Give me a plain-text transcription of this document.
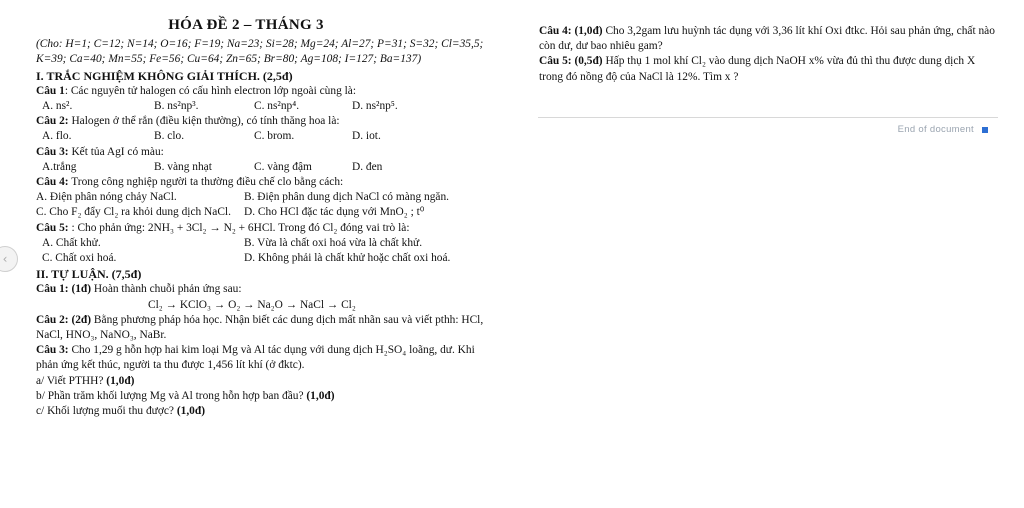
HÓA ĐỀ 2 – THÁNG 3
(Cho: H=1; C=12; N=14; O=16; F=19; Na=23; Si=28; Mg=24; Al=27; P=31; S=32; Cl=35,5; K=39; Ca=40; Mn=55; Fe=56; Cu=64; Zn=65; Br=80; Ag=108; I=127; Ba=137)
I. TRẮC NGHIỆM KHÔNG GIẢI THÍCH. (2,5đ)
Câu 1: Các nguyên tử halogen có cấu hình electron lớp ngoài cùng là:
A. ns².	B. ns²np³.	C. ns²np⁴.	D. ns²np⁵.
Câu 2: Halogen ở thể rắn (điều kiện thường), có tính thăng hoa là:
A. flo.	B. clo.	C. brom.	D. iot.
Câu 3: Kết tủa AgI có màu:
A.trắng	B. vàng nhạt	C. vàng đậm	D. đen
Câu 4: Trong công nghiệp người ta thường điều chế clo bằng cách:
A. Điện phân nóng chảy NaCl.	B. Điện phân dung dịch NaCl có màng ngăn.
C. Cho F₂ đẩy Cl₂ ra khỏi dung dịch NaCl.	D. Cho HCl đặc tác dụng với MnO₂ ; t⁰
Câu 5: : Cho phản ứng: 2NH₃ + 3Cl₂ → N₂ + 6HCl. Trong đó Cl₂ đóng vai trò là:
A. Chất khử.	B. Vừa là chất oxi hoá vừa là chất khử.
C. Chất oxi hoá.	D. Không phải là chất khử hoặc chất oxi hoá.
II. TỰ LUẬN. (7,5đ)
Câu 1: (1đ) Hoàn thành chuỗi phản ứng sau:
Cl₂ → KClO₃ → O₂ → Na₂O → NaCl → Cl₂
Câu 2: (2đ) Bằng phương pháp hóa học. Nhận biết các dung dịch mất nhãn sau và viết pthh: HCl, NaCl, HNO₃, NaNO₃, NaBr.
Câu 3: Cho 1,29 g hỗn hợp hai kim loại Mg và Al tác dụng với dung dịch H₂SO₄ loãng, dư. Khi phản ứng kết thúc, người ta thu được 1,456 lít khí (ở đktc).
a/ Viết PTHH? (1,0đ)
b/ Phần trăm khối lượng Mg và Al trong hỗn hợp ban đầu? (1,0đ)
c/ Khối lượng muối thu được? (1,0đ)
Câu 4: (1,0đ) Cho 3,2gam lưu huỳnh tác dụng với 3,36 lít khí Oxi đtkc. Hỏi sau phản ứng, chất nào còn dư, dư bao nhiêu gam?
Câu 5: (0,5đ) Hấp thụ 1 mol khí Cl₂ vào dung dịch NaOH x% vừa đủ thì thu được dung dịch X trong đó nồng độ của NaCl là 12%. Tìm x ?
End of document
‹
